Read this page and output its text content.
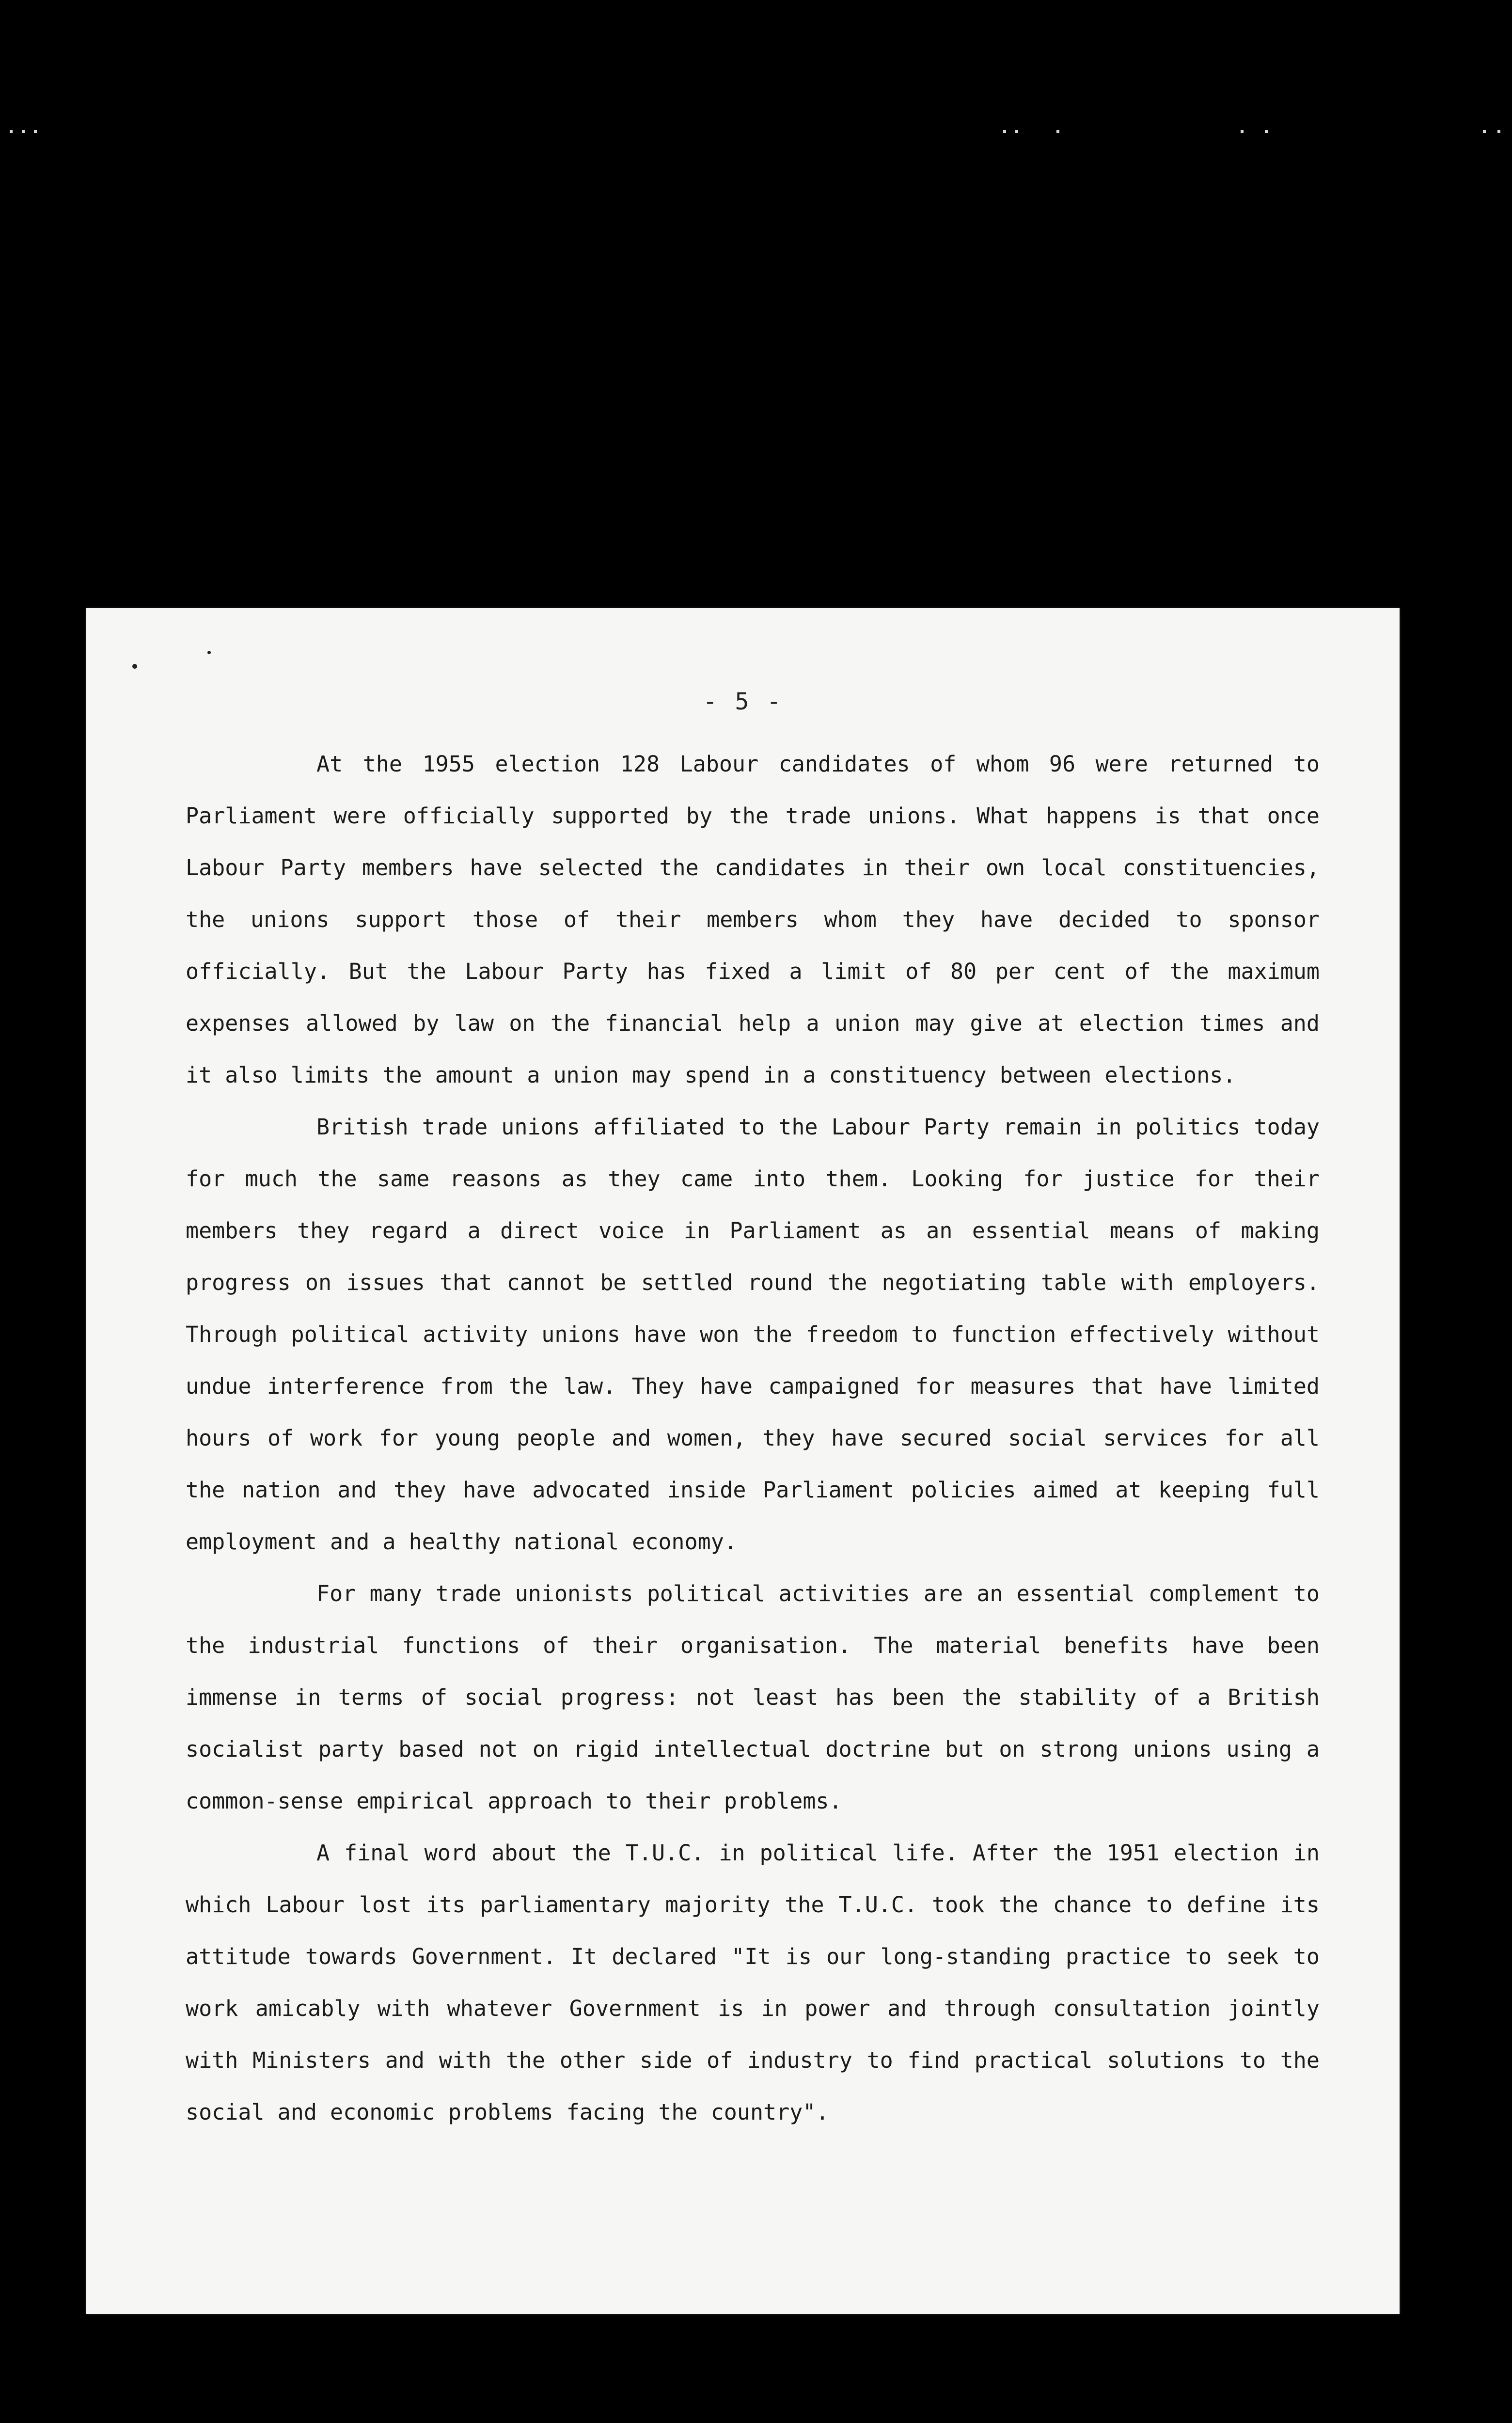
- 5 -

At the 1955 election 128 Labour candidates of whom 96 were returned to Parliament were officially supported by the trade unions. What happens is that once Labour Party members have selected the candidates in their own local constituencies, the unions support those of their members whom they have decided to sponsor officially. But the Labour Party has fixed a limit of 80 per cent of the maximum expenses allowed by law on the financial help a union may give at election times and it also limits the amount a union may spend in a constituency between elections.

British trade unions affiliated to the Labour Party remain in politics today for much the same reasons as they came into them. Looking for justice for their members they regard a direct voice in Parliament as an essential means of making progress on issues that cannot be settled round the negotiating table with employers. Through political activity unions have won the freedom to function effectively without undue interference from the law. They have campaigned for measures that have limited hours of work for young people and women, they have secured social services for all the nation and they have advocated inside Parliament policies aimed at keeping full employment and a healthy national economy.

For many trade unionists political activities are an essential complement to the industrial functions of their organisation. The material benefits have been immense in terms of social progress: not least has been the stability of a British socialist party based not on rigid intellectual doctrine but on strong unions using a common-sense empirical approach to their problems.

A final word about the T.U.C. in political life. After the 1951 election in which Labour lost its parliamentary majority the T.U.C. took the chance to define its attitude towards Government. It declared "It is our long-standing practice to seek to work amicably with whatever Government is in power and through consultation jointly with Ministers and with the other side of industry to find practical solutions to the social and economic problems facing the country".
